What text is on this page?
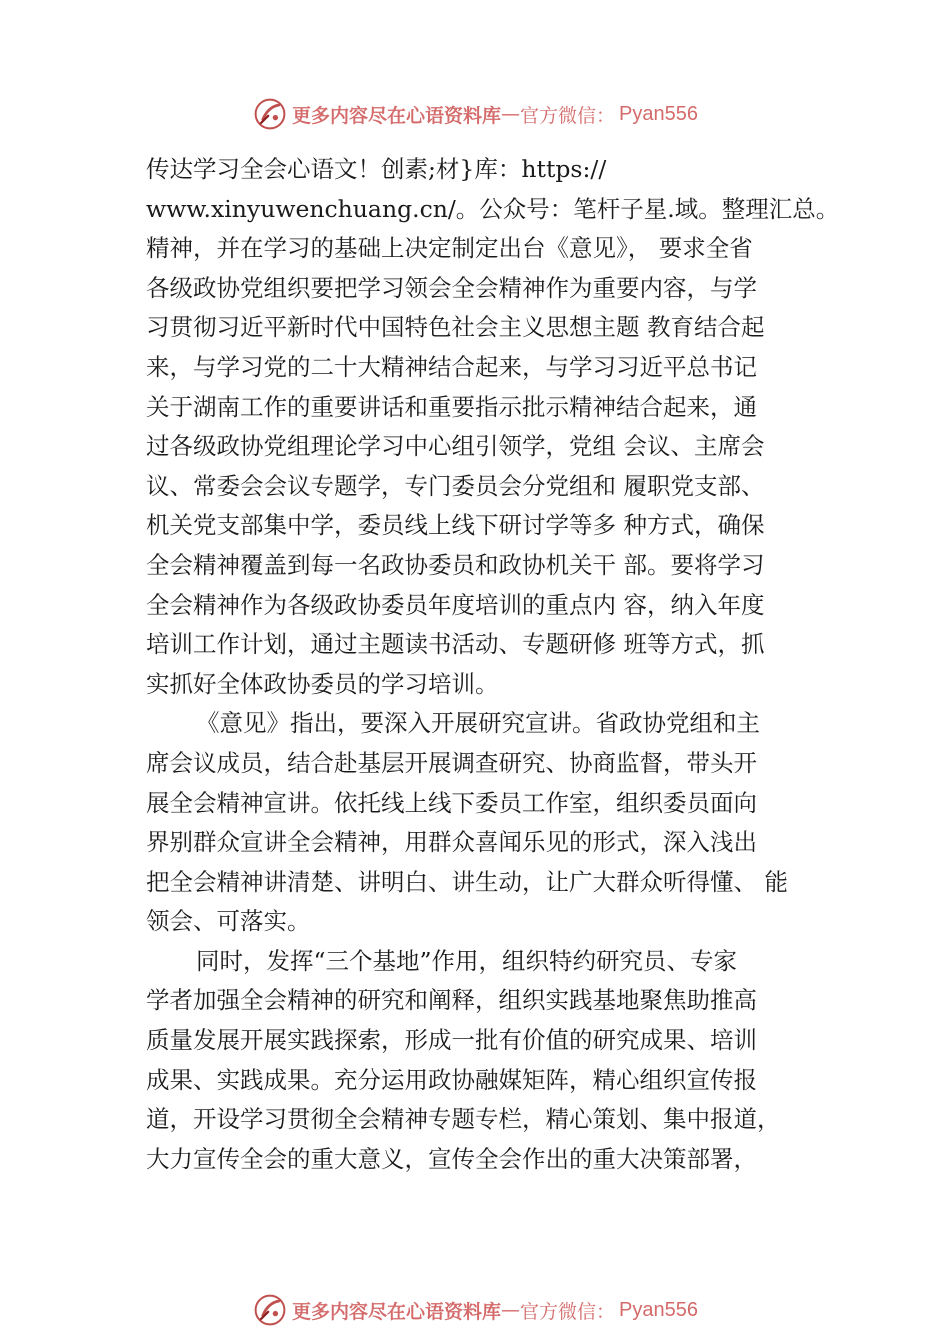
更多内容尽在心语资料库 — 官方微信： Pyan556
传达学习全会心语文！创素;材}库：https://
www.xinyuwenchuang.cn/。公众号：笔杆子星.域。整理汇总。
精神，并在学习的基础上决定制定出台《意见》， 要求全省
各级政协党组织要把学习领会全会精神作为重要内容，与学
习贯彻习近平新时代中国特色社会主义思想主题 教育结合起
来，与学习党的二十大精神结合起来，与学习习近平总书记
关于湖南工作的重要讲话和重要指示批示精神结合起来，通
过各级政协党组理论学习中心组引领学，党组 会议、主席会
议、常委会会议专题学，专门委员会分党组和 履职党支部、
机关党支部集中学，委员线上线下研讨学等多 种方式，确保
全会精神覆盖到每一名政协委员和政协机关干 部。要将学习
全会精神作为各级政协委员年度培训的重点内 容，纳入年度
培训工作计划，通过主题读书活动、专题研修 班等方式，抓
实抓好全体政协委员的学习培训。
《意见》指出，要深入开展研究宣讲。省政协党组和主
席会议成员，结合赴基层开展调查研究、协商监督，带头开
展全会精神宣讲。依托线上线下委员工作室，组织委员面向
界别群众宣讲全会精神，用群众喜闻乐见的形式，深入浅出
把全会精神讲清楚、讲明白、讲生动，让广大群众听得懂、 能
领会、可落实。
同时，发挥“三个基地”作用，组织特约研究员、专家
学者加强全会精神的研究和阐释，组织实践基地聚焦助推高
质量发展开展实践探索，形成一批有价值的研究成果、培训
成果、实践成果。充分运用政协融媒矩阵，精心组织宣传报
道，开设学习贯彻全会精神专题专栏，精心策划、集中报道，
大力宣传全会的重大意义，宣传全会作出的重大决策部署，
更多内容尽在心语资料库 — 官方微信： Pyan556
